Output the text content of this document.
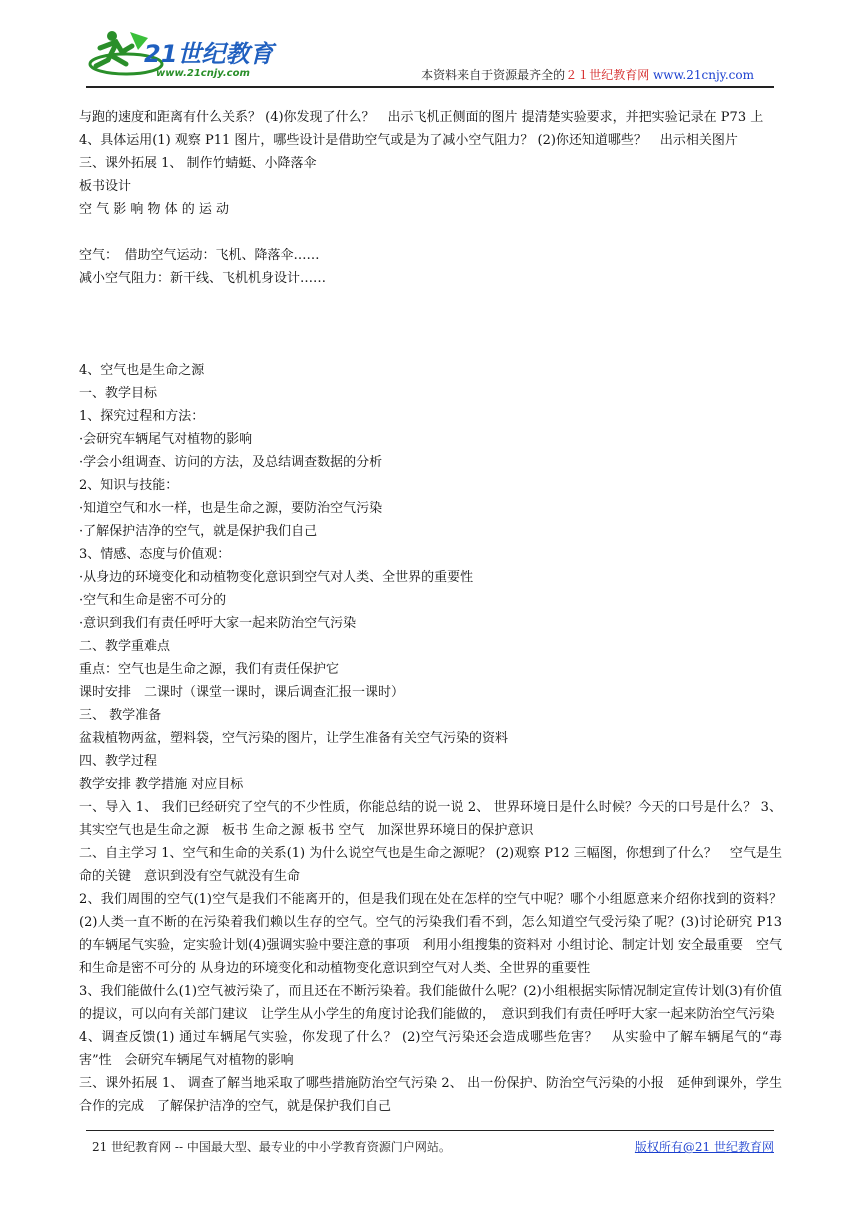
21世纪教育
www.21cnjy.com	本资料来自于资源最齐全的２１世纪教育网 www.21cnjy.com

与跑的速度和距离有什么关系？ (4)你发现了什么？　出示飞机正侧面的图片 提清楚实验要求，并把实验记录在 P73 上

4、具体运用(1) 观察 P11 图片，哪些设计是借助空气或是为了减小空气阻力？ (2)你还知道哪些？　出示相关图片

三、课外拓展 1、 制作竹蜻蜓、小降落伞

板书设计

空 气 影 响 物 体 的 运 动

空气：　借助空气运动：飞机、降落伞……

减小空气阻力：新干线、飞机机身设计……

4、空气也是生命之源

一、教学目标

1、探究过程和方法：

·会研究车辆尾气对植物的影响

·学会小组调查、访问的方法，及总结调查数据的分析

2、知识与技能：

·知道空气和水一样，也是生命之源，要防治空气污染

·了解保护洁净的空气，就是保护我们自己

3、情感、态度与价值观：

·从身边的环境变化和动植物变化意识到空气对人类、全世界的重要性

·空气和生命是密不可分的

·意识到我们有责任呼吁大家一起来防治空气污染

二、教学重难点

重点：空气也是生命之源，我们有责任保护它

课时安排　二课时（课堂一课时，课后调查汇报一课时）

三、 教学准备

盆栽植物两盆，塑料袋，空气污染的图片，让学生准备有关空气污染的资料

四、教学过程

教学安排 教学措施 对应目标

一、导入 1、 我们已经研究了空气的不少性质，你能总结的说一说 2、 世界环境日是什么时候？今天的口号是什么？ 3、 其实空气也是生命之源　板书 生命之源 板书 空气　加深世界环境日的保护意识

二、自主学习 1、空气和生命的关系(1) 为什么说空气也是生命之源呢？ (2)观察 P12 三幅图，你想到了什么？　空气是生命的关键　意识到没有空气就没有生命

2、我们周围的空气(1)空气是我们不能离开的，但是我们现在处在怎样的空气中呢？哪个小组愿意来介绍你找到的资料？ (2)人类一直不断的在污染着我们赖以生存的空气。空气的污染我们看不到，怎么知道空气受污染了呢？(3)讨论研究 P13 的车辆尾气实验，定实验计划(4)强调实验中要注意的事项　利用小组搜集的资料对 小组讨论、制定计划 安全最重要　空气和生命是密不可分的 从身边的环境变化和动植物变化意识到空气对人类、全世界的重要性

3、我们能做什么(1)空气被污染了，而且还在不断污染着。我们能做什么呢？(2)小组根据实际情况制定宣传计划(3)有价值的提议，可以向有关部门建议　让学生从小学生的角度讨论我们能做的，　意识到我们有责任呼吁大家一起来防治空气污染

4、调查反馈(1) 通过车辆尾气实验，你发现了什么？ (2)空气污染还会造成哪些危害？　从实验中了解车辆尾气的“毒害”性　会研究车辆尾气对植物的影响

三、课外拓展 1、 调查了解当地采取了哪些措施防治空气污染 2、 出一份保护、防治空气污染的小报　延伸到课外，学生合作的完成　了解保护洁净的空气，就是保护我们自己

21 世纪教育网 -- 中国最大型、最专业的中小学教育资源门户网站。	版权所有@21 世纪教育网
